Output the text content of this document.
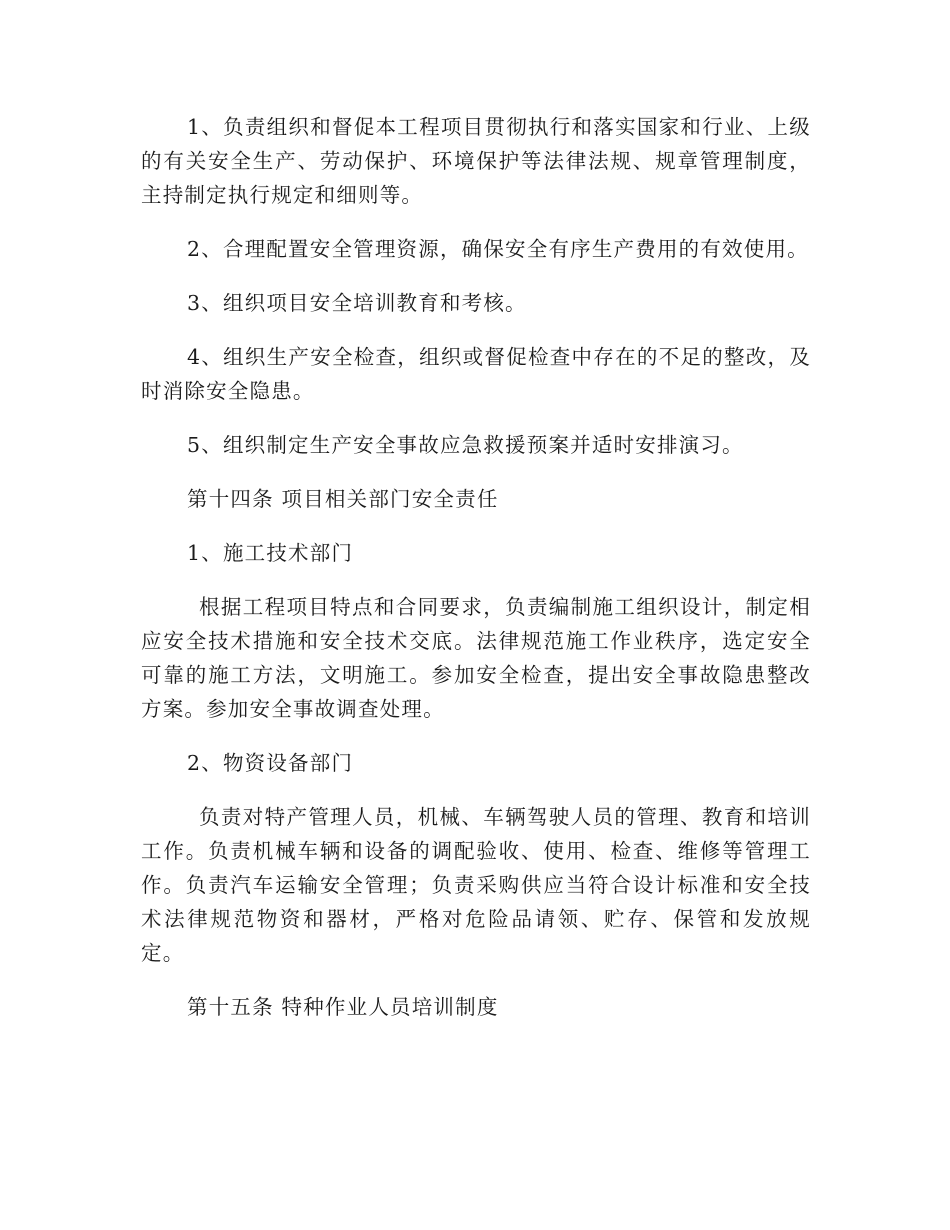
1、负责组织和督促本工程项目贯彻执行和落实国家和行业、上级的有关安全生产、劳动保护、环境保护等法律法规、规章管理制度，主持制定执行规定和细则等。

2、合理配置安全管理资源，确保安全有序生产费用的有效使用。

3、组织项目安全培训教育和考核。

4、组织生产安全检查，组织或督促检查中存在的不足的整改，及时消除安全隐患。

5、组织制定生产安全事故应急救援预案并适时安排演习。

第十四条 项目相关部门安全责任

1、施工技术部门

根据工程项目特点和合同要求，负责编制施工组织设计，制定相应安全技术措施和安全技术交底。法律规范施工作业秩序，选定安全可靠的施工方法，文明施工。参加安全检查，提出安全事故隐患整改方案。参加安全事故调查处理。

2、物资设备部门

负责对特产管理人员，机械、车辆驾驶人员的管理、教育和培训工作。负责机械车辆和设备的调配验收、使用、检查、维修等管理工作。负责汽车运输安全管理；负责采购供应当符合设计标准和安全技术法律规范物资和器材，严格对危险品请领、贮存、保管和发放规定。

第十五条 特种作业人员培训制度
